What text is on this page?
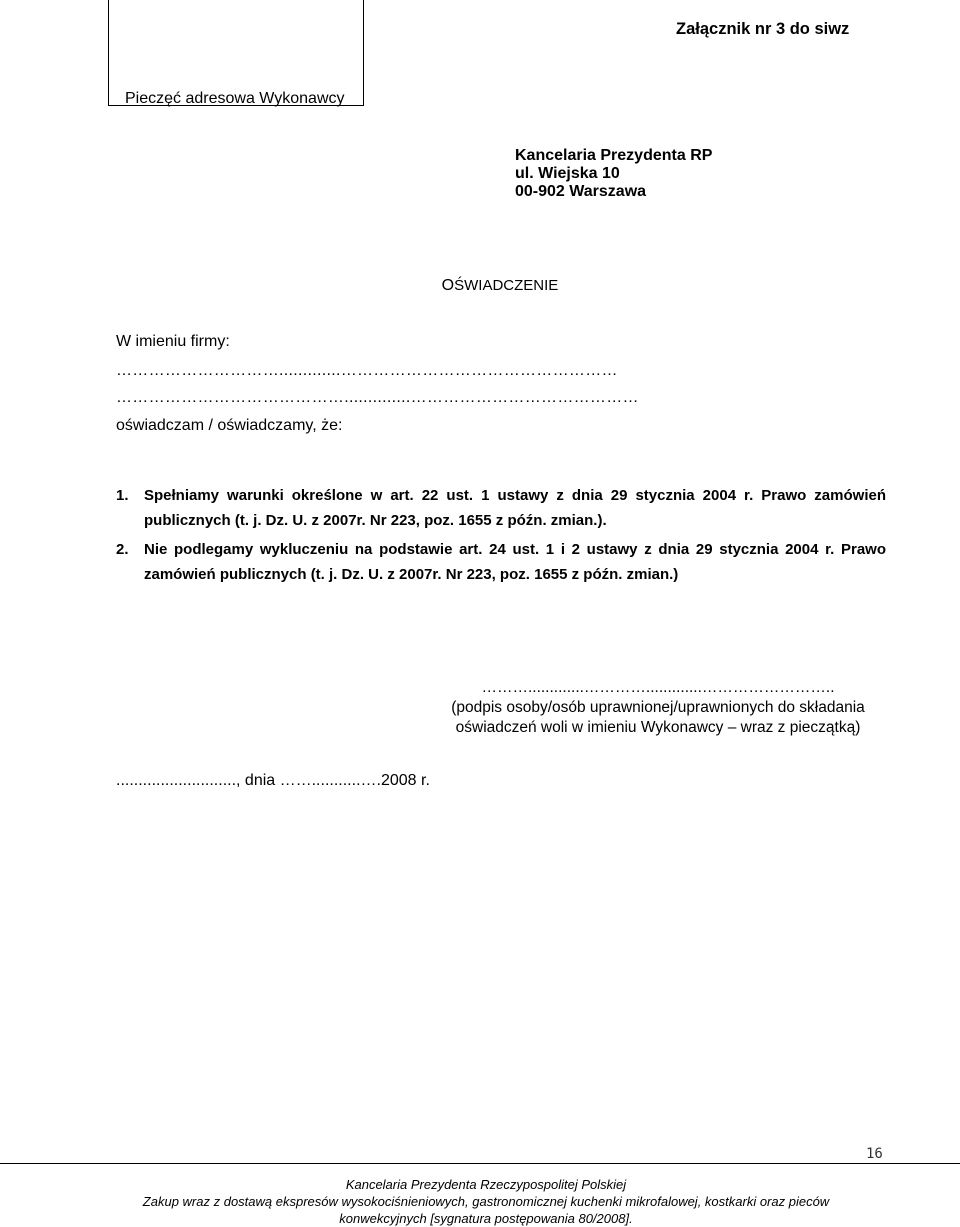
Pieczęć adresowa Wykonawcy
Załącznik nr 3 do siwz
Kancelaria Prezydenta RP
ul. Wiejska 10
00-902 Warszawa
OŚWIADCZENIE
W imieniu firmy:
………………………….............……………………………………………
……………………………………..............……………………………………
oświadczam / oświadczamy, że:
1.	Spełniamy warunki określone w art. 22 ust. 1 ustawy z dnia 29 stycznia 2004 r. Prawo zamówień publicznych (t. j. Dz. U. z 2007r. Nr 223, poz. 1655 z późn. zmian.).
2.	Nie podlegamy wykluczeniu na podstawie art. 24 ust. 1 i 2 ustawy z dnia 29 stycznia 2004 r. Prawo zamówień publicznych (t. j. Dz. U. z 2007r. Nr 223, poz. 1655 z późn. zmian.)
……….............………….............……………………..
(podpis osoby/osób uprawnionej/uprawnionych do składania
oświadczeń woli w imieniu Wykonawcy – wraz z pieczątką)
..........................., dnia ……...........….2008 r.
16
Kancelaria Prezydenta Rzeczypospolitej Polskiej
Zakup wraz z dostawą ekspresów wysokociśnieniowych, gastronomicznej kuchenki mikrofalowej, kostkarki oraz pieców
konwekcyjnych [sygnatura postępowania 80/2008].
